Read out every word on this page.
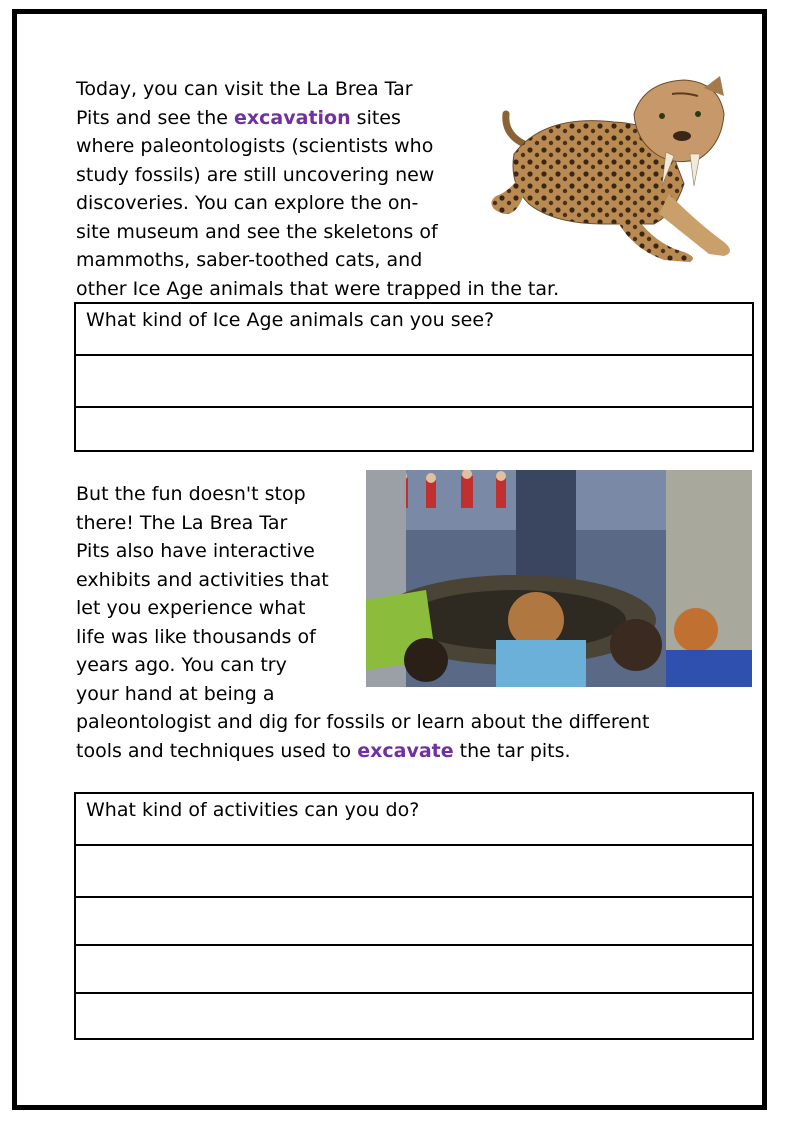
Today, you can visit the La Brea Tar
Pits and see the excavation sites
where paleontologists (scientists who
study fossils) are still uncovering new
discoveries. You can explore the on-
site museum and see the skeletons of
mammoths, saber-toothed cats, and
other Ice Age animals that were trapped in the tar.
What kind of Ice Age animals can you see?
But the fun doesn't stop
there! The La Brea Tar
Pits also have interactive
exhibits and activities that
let you experience what
life was like thousands of
years ago. You can try
your hand at being a
paleontologist and dig for fossils or learn about the different
tools and techniques used to excavate the tar pits.
What kind of activities can you do?
